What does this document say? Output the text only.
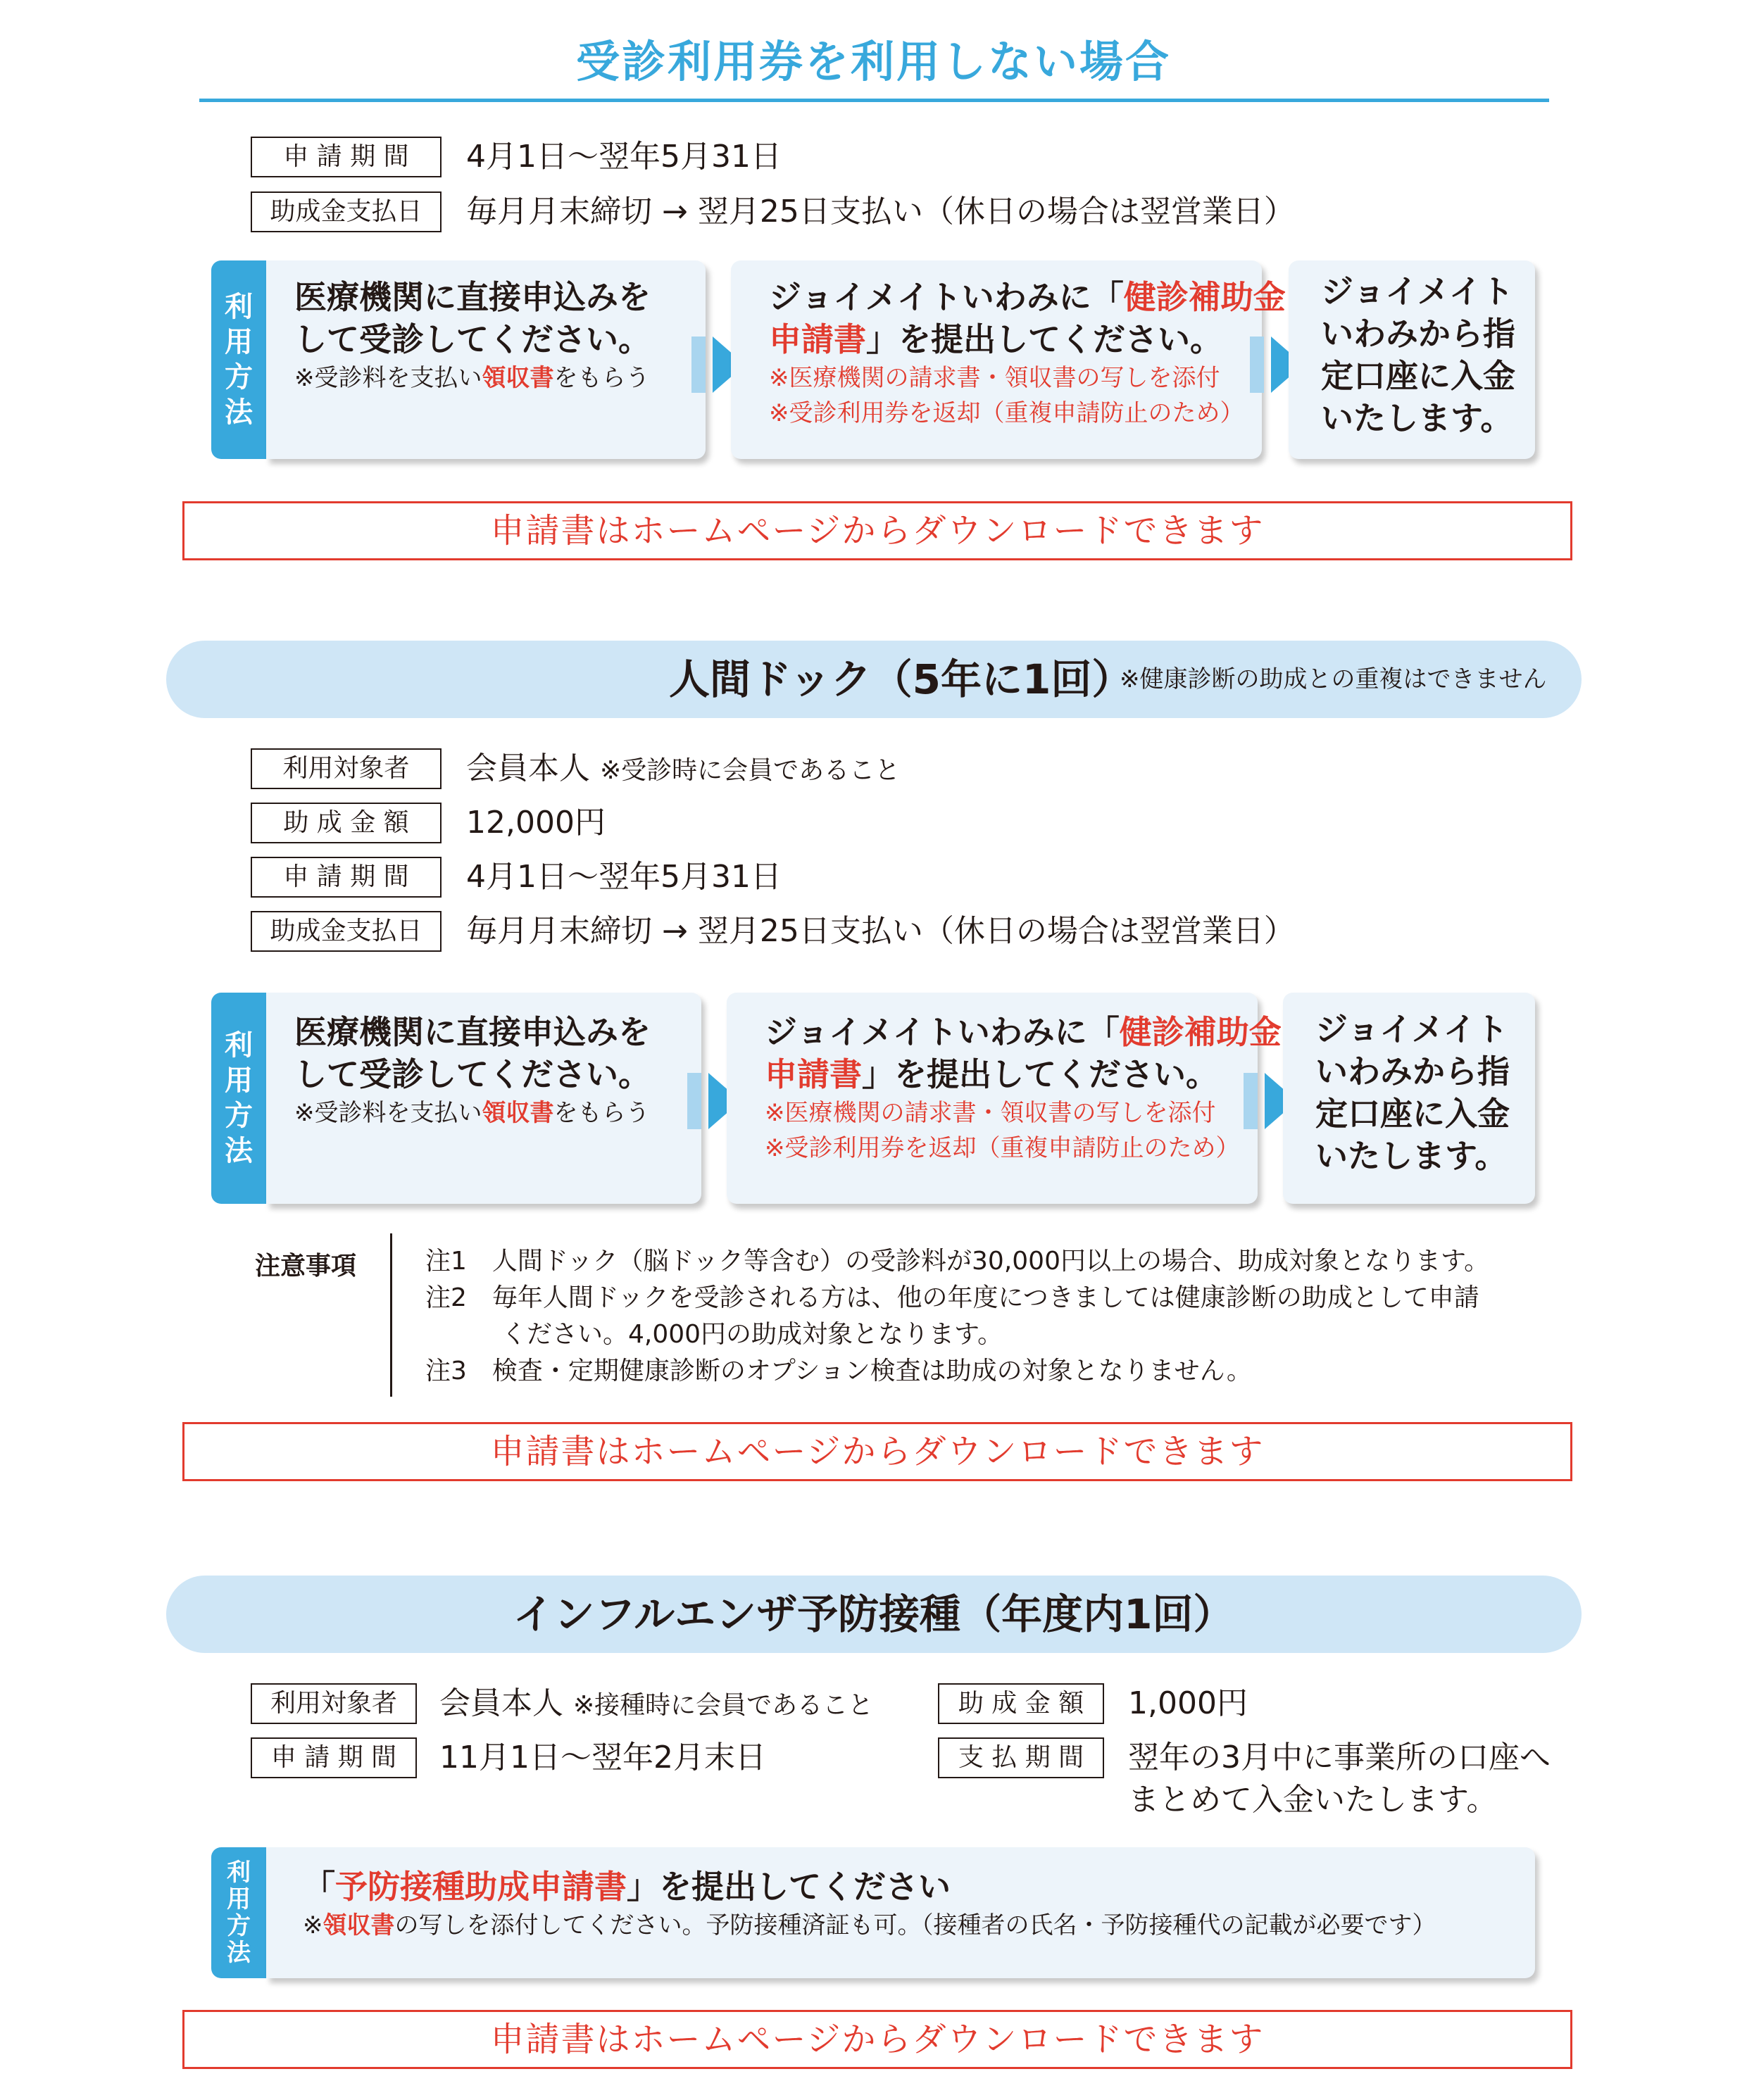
受診利用券を利用しない場合
申 請 期 間	4月1日～翌年5月31日
助成金支払日	毎月月末締切 → 翌月25日支払い（休日の場合は翌営業日）
利
用
方
法
医療機関に直接申込みを
して受診してください。
※受診料を支払い領収書をもらう
ジョイメイトいわみに「健診補助金
申請書」を提出してください。
※医療機関の請求書・領収書の写しを添付
※受診利用券を返却（重複申請防止のため）
ジョイメイト
いわみから指
定口座に入金
いたします。
申請書はホームページからダウンロードできます
人間ドック（5年に1回）
※健康診断の助成との重複はできません
利用対象者	会員本人 ※受診時に会員であること
助 成 金 額	12,000円
申 請 期 間	4月1日～翌年5月31日
助成金支払日	毎月月末締切 → 翌月25日支払い（休日の場合は翌営業日）
利
用
方
法
医療機関に直接申込みを
して受診してください。
※受診料を支払い領収書をもらう
ジョイメイトいわみに「健診補助金
申請書」を提出してください。
※医療機関の請求書・領収書の写しを添付
※受診利用券を返却（重複申請防止のため）
ジョイメイト
いわみから指
定口座に入金
いたします。
注意事項	注1　人間ドック（脳ドック等含む）の受診料が30,000円以上の場合、助成対象となります。
注2　毎年人間ドックを受診される方は、他の年度につきましては健康診断の助成として申請
　　　ください。4,000円の助成対象となります。
注3　検査・定期健康診断のオプション検査は助成の対象となりません。
申請書はホームページからダウンロードできます
インフルエンザ予防接種（年度内1回）
利用対象者	会員本人 ※接種時に会員であること
申 請 期 間	11月1日～翌年2月末日
助 成 金 額	1,000円
支 払 期 間	翌年の3月中に事業所の口座へ
まとめて入金いたします。
利
用
方
法
「予防接種助成申請書」を提出してください
※領収書の写しを添付してください。予防接種済証も可。（接種者の氏名・予防接種代の記載が必要です）
申請書はホームページからダウンロードできます
